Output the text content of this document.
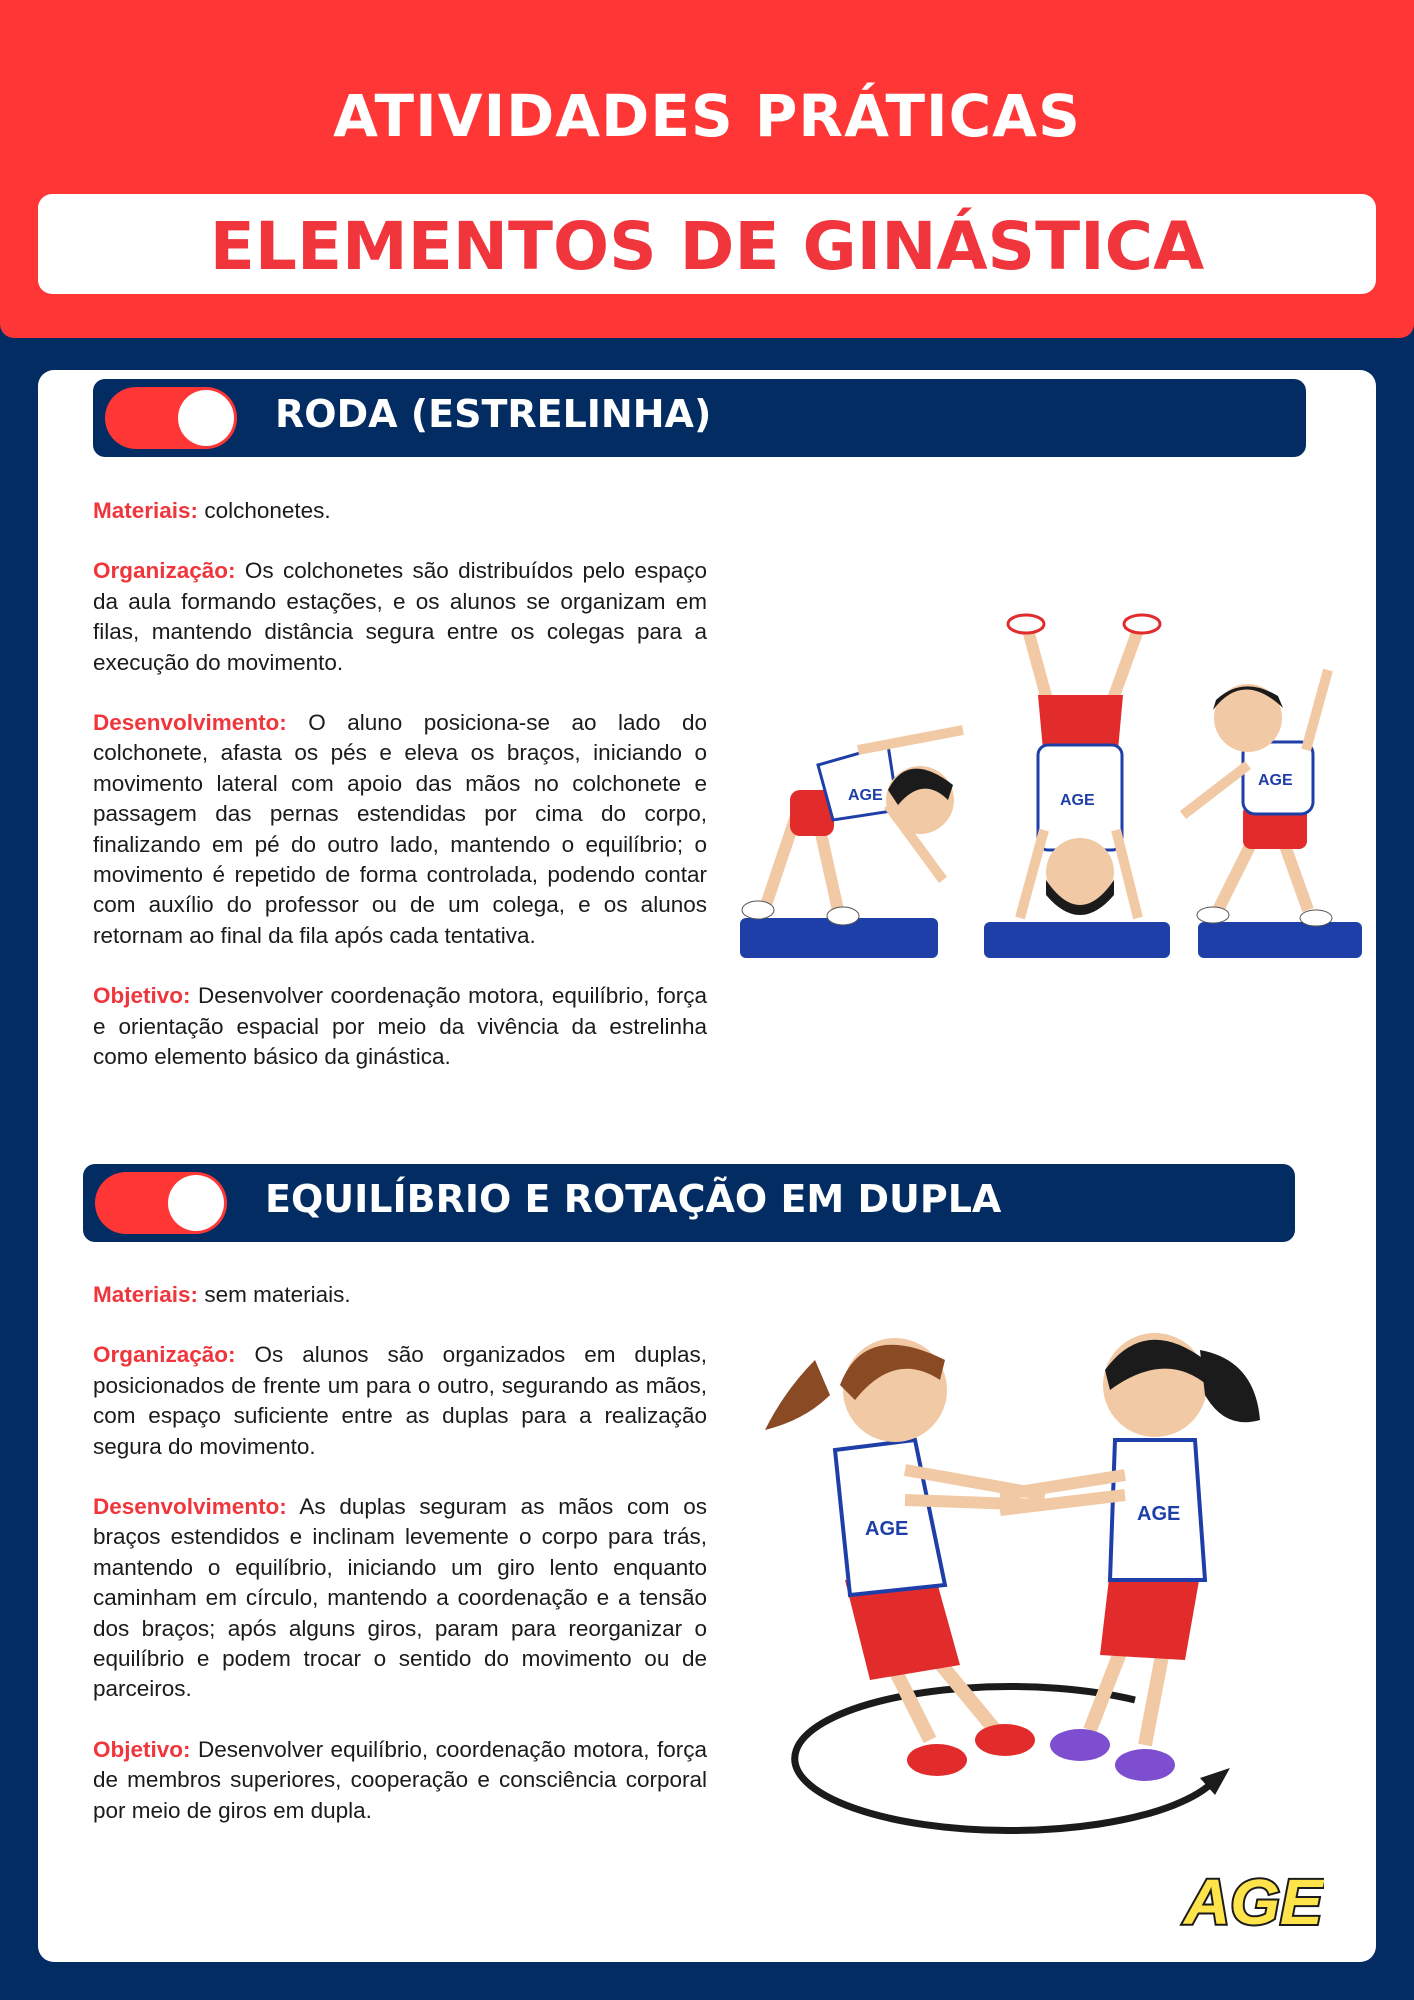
ATIVIDADES PRÁTICAS
ELEMENTOS DE GINÁSTICA
RODA (ESTRELINHA)

Materiais: colchonetes.

Organização: Os colchonetes são distribuídos pelo espaço da aula formando estações, e os alunos se organizam em filas, mantendo distância segura entre os colegas para a execução do movimento.

Desenvolvimento: O aluno posiciona-se ao lado do colchonete, afasta os pés e eleva os braços, iniciando o movimento lateral com apoio das mãos no colchonete e passagem das pernas estendidas por cima do corpo, finalizando em pé do outro lado, mantendo o equilíbrio; o movimento é repetido de forma controlada, podendo contar com auxílio do professor ou de um colega, e os alunos retornam ao final da fila após cada tentativa.

Objetivo: Desenvolver coordenação motora, equilíbrio, força e orientação espacial por meio da vivência da estrelinha como elemento básico da ginástica.

AGE	AGE
AGE
EQUILÍBRIO E ROTAÇÃO EM DUPLA

Materiais: sem materiais.

Organização: Os alunos são organizados em duplas, posicionados de frente um para o outro, segurando as mãos, com espaço suficiente entre as duplas para a realização segura do movimento.

Desenvolvimento: As duplas seguram as mãos com os braços estendidos e inclinam levemente o corpo para trás, mantendo o equilíbrio, iniciando um giro lento enquanto caminham em círculo, mantendo a coordenação e a tensão dos braços; após alguns giros, param para reorganizar o equilíbrio e podem trocar o sentido do movimento ou de parceiros.

Objetivo: Desenvolver equilíbrio, coordenação motora, força de membros superiores, cooperação e consciência corporal por meio de giros em dupla.

AGE
AGE
AGE
